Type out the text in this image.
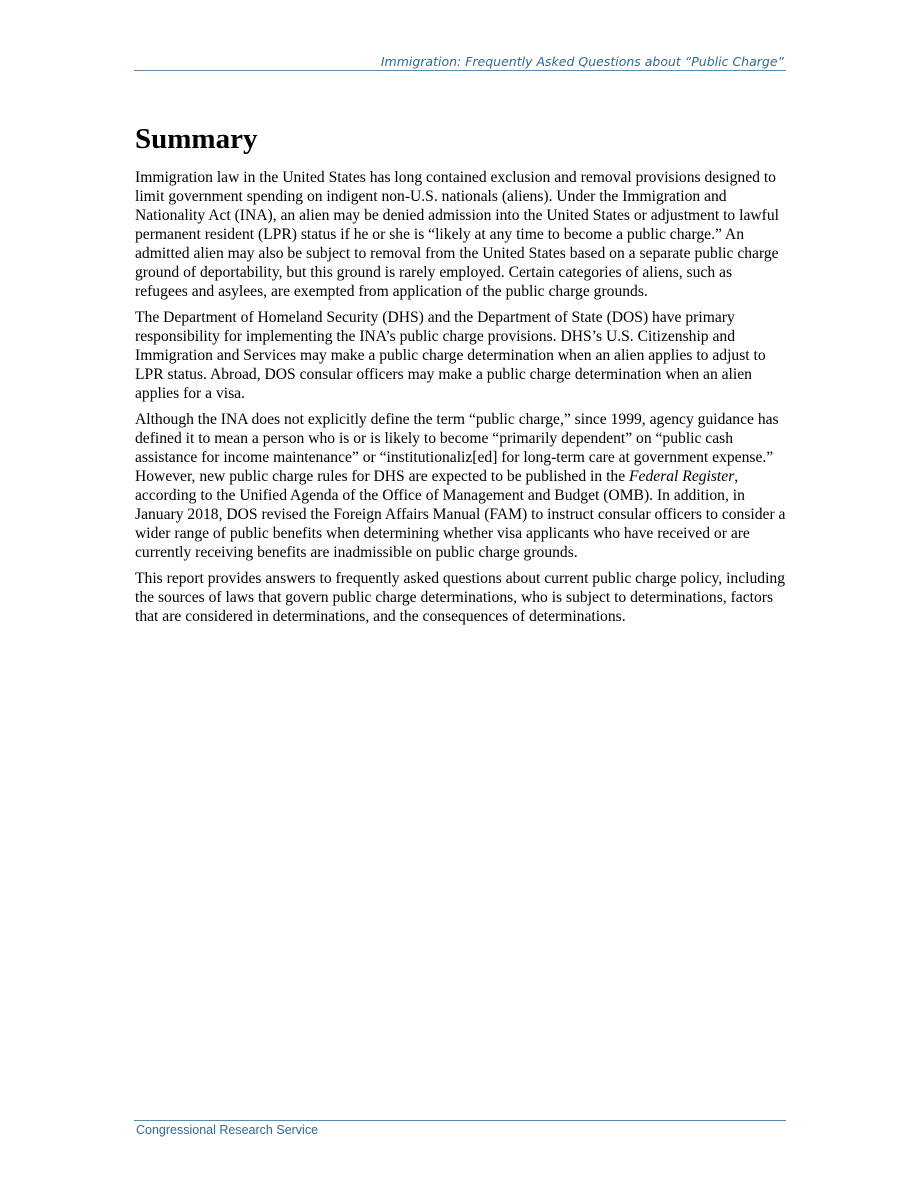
Immigration: Frequently Asked Questions about “Public Charge”
Summary

Immigration law in the United States has long contained exclusion and removal provisions designed to limit government spending on indigent non-U.S. nationals (aliens). Under the Immigration and Nationality Act (INA), an alien may be denied admission into the United States or adjustment to lawful permanent resident (LPR) status if he or she is “likely at any time to become a public charge.” An admitted alien may also be subject to removal from the United States based on a separate public charge ground of deportability, but this ground is rarely employed. Certain categories of aliens, such as refugees and asylees, are exempted from application of the public charge grounds.

The Department of Homeland Security (DHS) and the Department of State (DOS) have primary responsibility for implementing the INA’s public charge provisions. DHS’s U.S. Citizenship and Immigration and Services may make a public charge determination when an alien applies to adjust to LPR status. Abroad, DOS consular officers may make a public charge determination when an alien applies for a visa.

Although the INA does not explicitly define the term “public charge,” since 1999, agency guidance has defined it to mean a person who is or is likely to become “primarily dependent” on “public cash assistance for income maintenance” or “institutionaliz[ed] for long-term care at government expense.” However, new public charge rules for DHS are expected to be published in the Federal Register, according to the Unified Agenda of the Office of Management and Budget (OMB). In addition, in January 2018, DOS revised the Foreign Affairs Manual (FAM) to instruct consular officers to consider a wider range of public benefits when determining whether visa applicants who have received or are currently receiving benefits are inadmissible on public charge grounds.

This report provides answers to frequently asked questions about current public charge policy, including the sources of laws that govern public charge determinations, who is subject to determinations, factors that are considered in determinations, and the consequences of determinations.

Congressional Research Service
